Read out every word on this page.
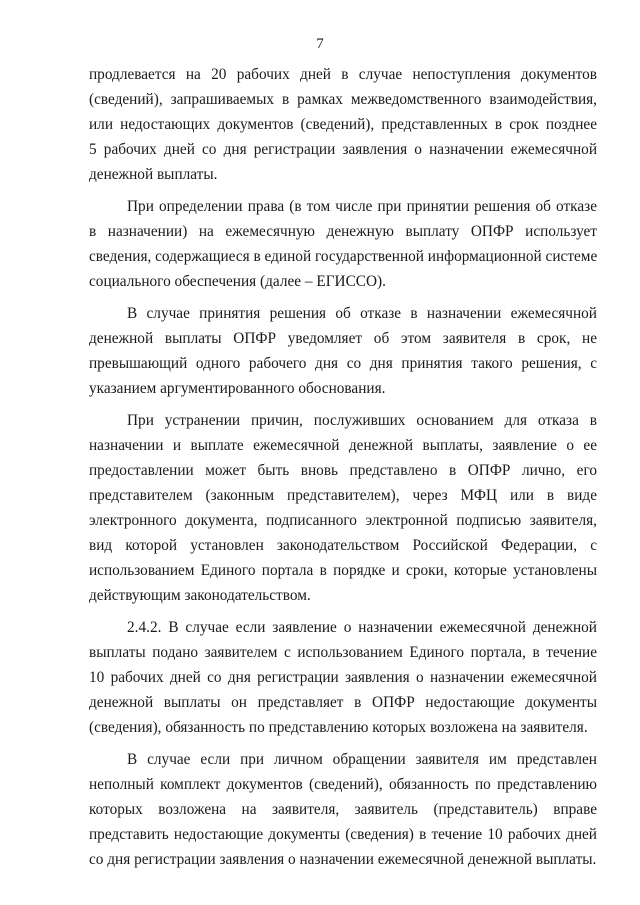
7
продлевается на 20 рабочих дней в случае непоступления документов
(сведений), запрашиваемых в рамках межведомственного взаимодействия,
или недостающих документов (сведений), представленных в срок позднее
5 рабочих дней со дня регистрации заявления о назначении ежемесячной
денежной выплаты.
При определении права (в том числе при принятии решения об отказе
в назначении) на ежемесячную денежную выплату ОПФР использует
сведения, содержащиеся в единой государственной информационной системе
социального обеспечения (далее – ЕГИССО).
В случае принятия решения об отказе в назначении ежемесячной
денежной выплаты ОПФР уведомляет об этом заявителя в срок, не
превышающий одного рабочего дня со дня принятия такого решения, с
указанием аргументированного обоснования.
При устранении причин, послуживших основанием для отказа в
назначении и выплате ежемесячной денежной выплаты, заявление о ее
предоставлении может быть вновь представлено в ОПФР лично, его
представителем (законным представителем), через МФЦ или в виде
электронного документа, подписанного электронной подписью заявителя,
вид которой установлен законодательством Российской Федерации, с
использованием Единого портала в порядке и сроки, которые установлены
действующим законодательством.
2.4.2. В случае если заявление о назначении ежемесячной денежной
выплаты подано заявителем с использованием Единого портала, в течение
10 рабочих дней со дня регистрации заявления о назначении ежемесячной
денежной выплаты он представляет в ОПФР недостающие документы
(сведения), обязанность по представлению которых возложена на заявителя.
В случае если при личном обращении заявителя им представлен
неполный комплект документов (сведений), обязанность по представлению
которых возложена на заявителя, заявитель (представитель) вправе
представить недостающие документы (сведения) в течение 10 рабочих дней
со дня регистрации заявления о назначении ежемесячной денежной выплаты.
